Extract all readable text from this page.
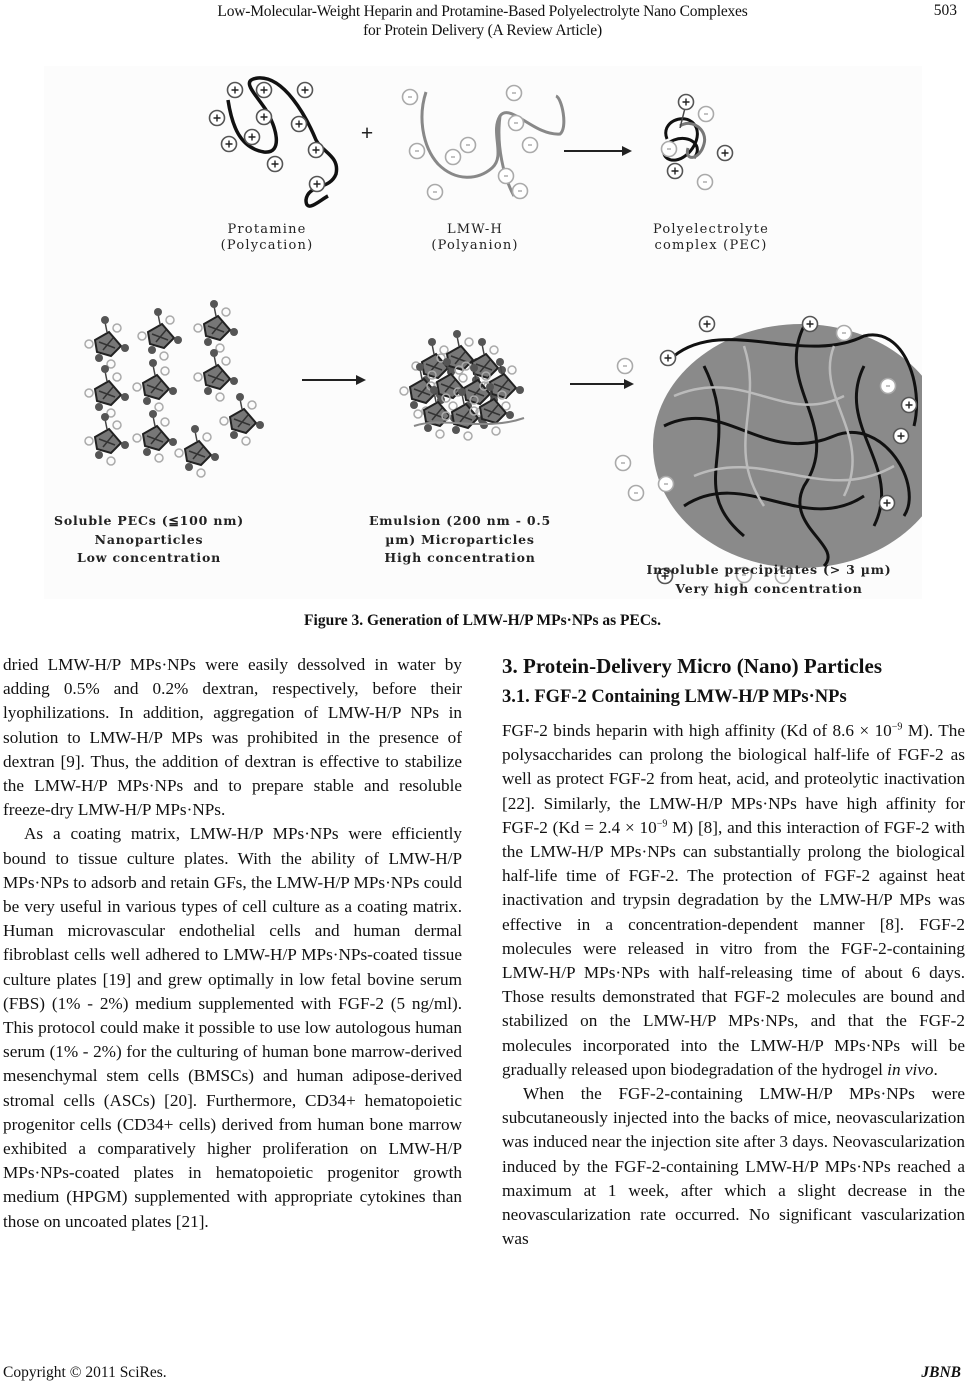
Low-Molecular-Weight Heparin and Protamine-Based Polyelectrolyte Nano Complexes
for Protein Delivery (A Review Article)
503
+
Protamine
(Polycation)
LMW-H
(Polyanion)
Polyelectrolyte
complex (PEC)
Soluble PECs (≦100 nm)
Nanoparticles
Low concentration
Emulsion (200 nm - 0.5
µm) Microparticles
High concentration
Insoluble precipitates (> 3 µm)
Very high concentration
Figure 3. Generation of LMW-H/P MPs·NPs as PECs.

dried LMW-H/P MPs·NPs were easily dessolved in water by adding 0.5% and 0.2% dextran, respectively, before their lyophilizations. In addition, aggregation of LMW-H/P NPs in solution to LMW-H/P MPs was prohibited in the presence of dextran [9]. Thus, the addition of dextran is effective to stabilize the LMW-H/P MPs·NPs and to prepare stable and resoluble freeze-dry LMW-H/P MPs·NPs.

As a coating matrix, LMW-H/P MPs·NPs were efficiently bound to tissue culture plates. With the ability of LMW-H/P MPs·NPs to adsorb and retain GFs, the LMW-H/P MPs·NPs could be very useful in various types of cell culture as a coating matrix. Human microvascular endothelial cells and human dermal fibroblast cells well adhered to LMW-H/P MPs·NPs-coated tissue culture plates [19] and grew optimally in low fetal bovine serum (FBS) (1% - 2%) medium supplemented with FGF-2 (5 ng/ml). This protocol could make it possible to use low autologous human serum (1% - 2%) for the culturing of human bone marrow-derived mesenchymal stem cells (BMSCs) and human adipose-derived stromal cells (ASCs) [20]. Furthermore, CD34+ hematopoietic progenitor cells (CD34+ cells) derived from human bone marrow exhibited a comparatively higher proliferation on LMW-H/P MPs·NPs-coated plates in hematopoietic progenitor growth medium (HPGM) supplemented with appropriate cytokines than those on uncoated plates [21].

3. Protein-Delivery Micro (Nano) Particles
3.1. FGF-2 Containing LMW-H/P MPs·NPs

FGF-2 binds heparin with high affinity (Kd of $8.6 \times 10^{-9}$ M). The polysaccharides can prolong the biological half-life of FGF-2 as well as protect FGF-2 from heat, acid, and proteolytic inactivation [22]. Similarly, the LMW-H/P MPs·NPs have high affinity for FGF-2 ($Kd = 2.4 \times 10^{-9}$ M) [8], and this interaction of FGF-2 with the LMW-H/P MPs·NPs can substantially prolong the biological half-life time of FGF-2. The protection of FGF-2 against heat inactivation and trypsin degradation by the LMW-H/P MPs was effective in a concentration-dependent manner [8]. FGF-2 molecules were released in vitro from the FGF-2-containing LMW-H/P MPs·NPs with half-releasing time of about 6 days. Those results demonstrated that FGF-2 molecules are bound and stabilized on the LMW-H/P MPs·NPs, and that the FGF-2 molecules incorporated into the LMW-H/P MPs·NPs will be gradually released upon biodegradation of the hydrogel in vivo.

When the FGF-2-containing LMW-H/P MPs·NPs were subcutaneously injected into the backs of mice, neovascularization was induced near the injection site after 3 days. Neovascularization induced by the FGF-2-containing LMW-H/P MPs·NPs reached a maximum at 1 week, after which a slight decrease in the neovascularization rate occurred. No significant vascularization was

Copyright © 2011 SciRes.	JBNB
